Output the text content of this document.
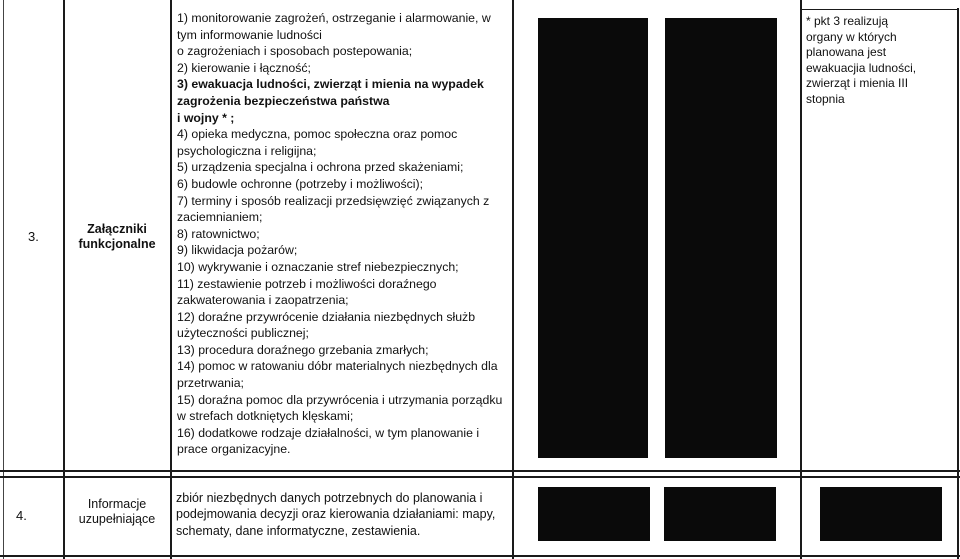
3.	Załączniki
funkcjonalne
1) monitorowanie zagrożeń, ostrzeganie i alarmowanie, w
tym informowanie ludności
o zagrożeniach i sposobach postepowania;
2) kierowanie i łączność;
3) ewakuacja ludności, zwierząt i mienia na wypadek
zagrożenia bezpieczeństwa państwa
i wojny * ;
4) opieka medyczna, pomoc społeczna oraz pomoc
psychologiczna i religijna;
5) urządzenia specjalna i ochrona przed skażeniami;
6) budowle ochronne (potrzeby i możliwości);
7) terminy i sposób realizacji przedsięwzięć związanych z
zaciemnianiem;
8) ratownictwo;
9) likwidacja pożarów;
10) wykrywanie i oznaczanie stref niebezpiecznych;
11) zestawienie potrzeb i możliwości doraźnego
zakwaterowania i zaopatrzenia;
12) doraźne przywrócenie działania niezbędnych służb
użyteczności publicznej;
13) procedura doraźnego grzebania zmarłych;
14) pomoc w ratowaniu dóbr materialnych niezbędnych dla
przetrwania;
15) doraźna pomoc dla przywrócenia i utrzymania porządku
w strefach dotkniętych klęskami;
16) dodatkowe rodzaje działalności, w tym planowanie i
prace organizacyjne.
* pkt 3 realizują
organy w których
planowana jest
ewakuacjia ludności,
zwierząt i mienia III
stopnia
4.
Informacje
uzupełniające
zbiór niezbędnych danych potrzebnych do planowania i
podejmowania decyzji oraz kierowania działaniami: mapy,
schematy, dane informatyczne, zestawienia.
